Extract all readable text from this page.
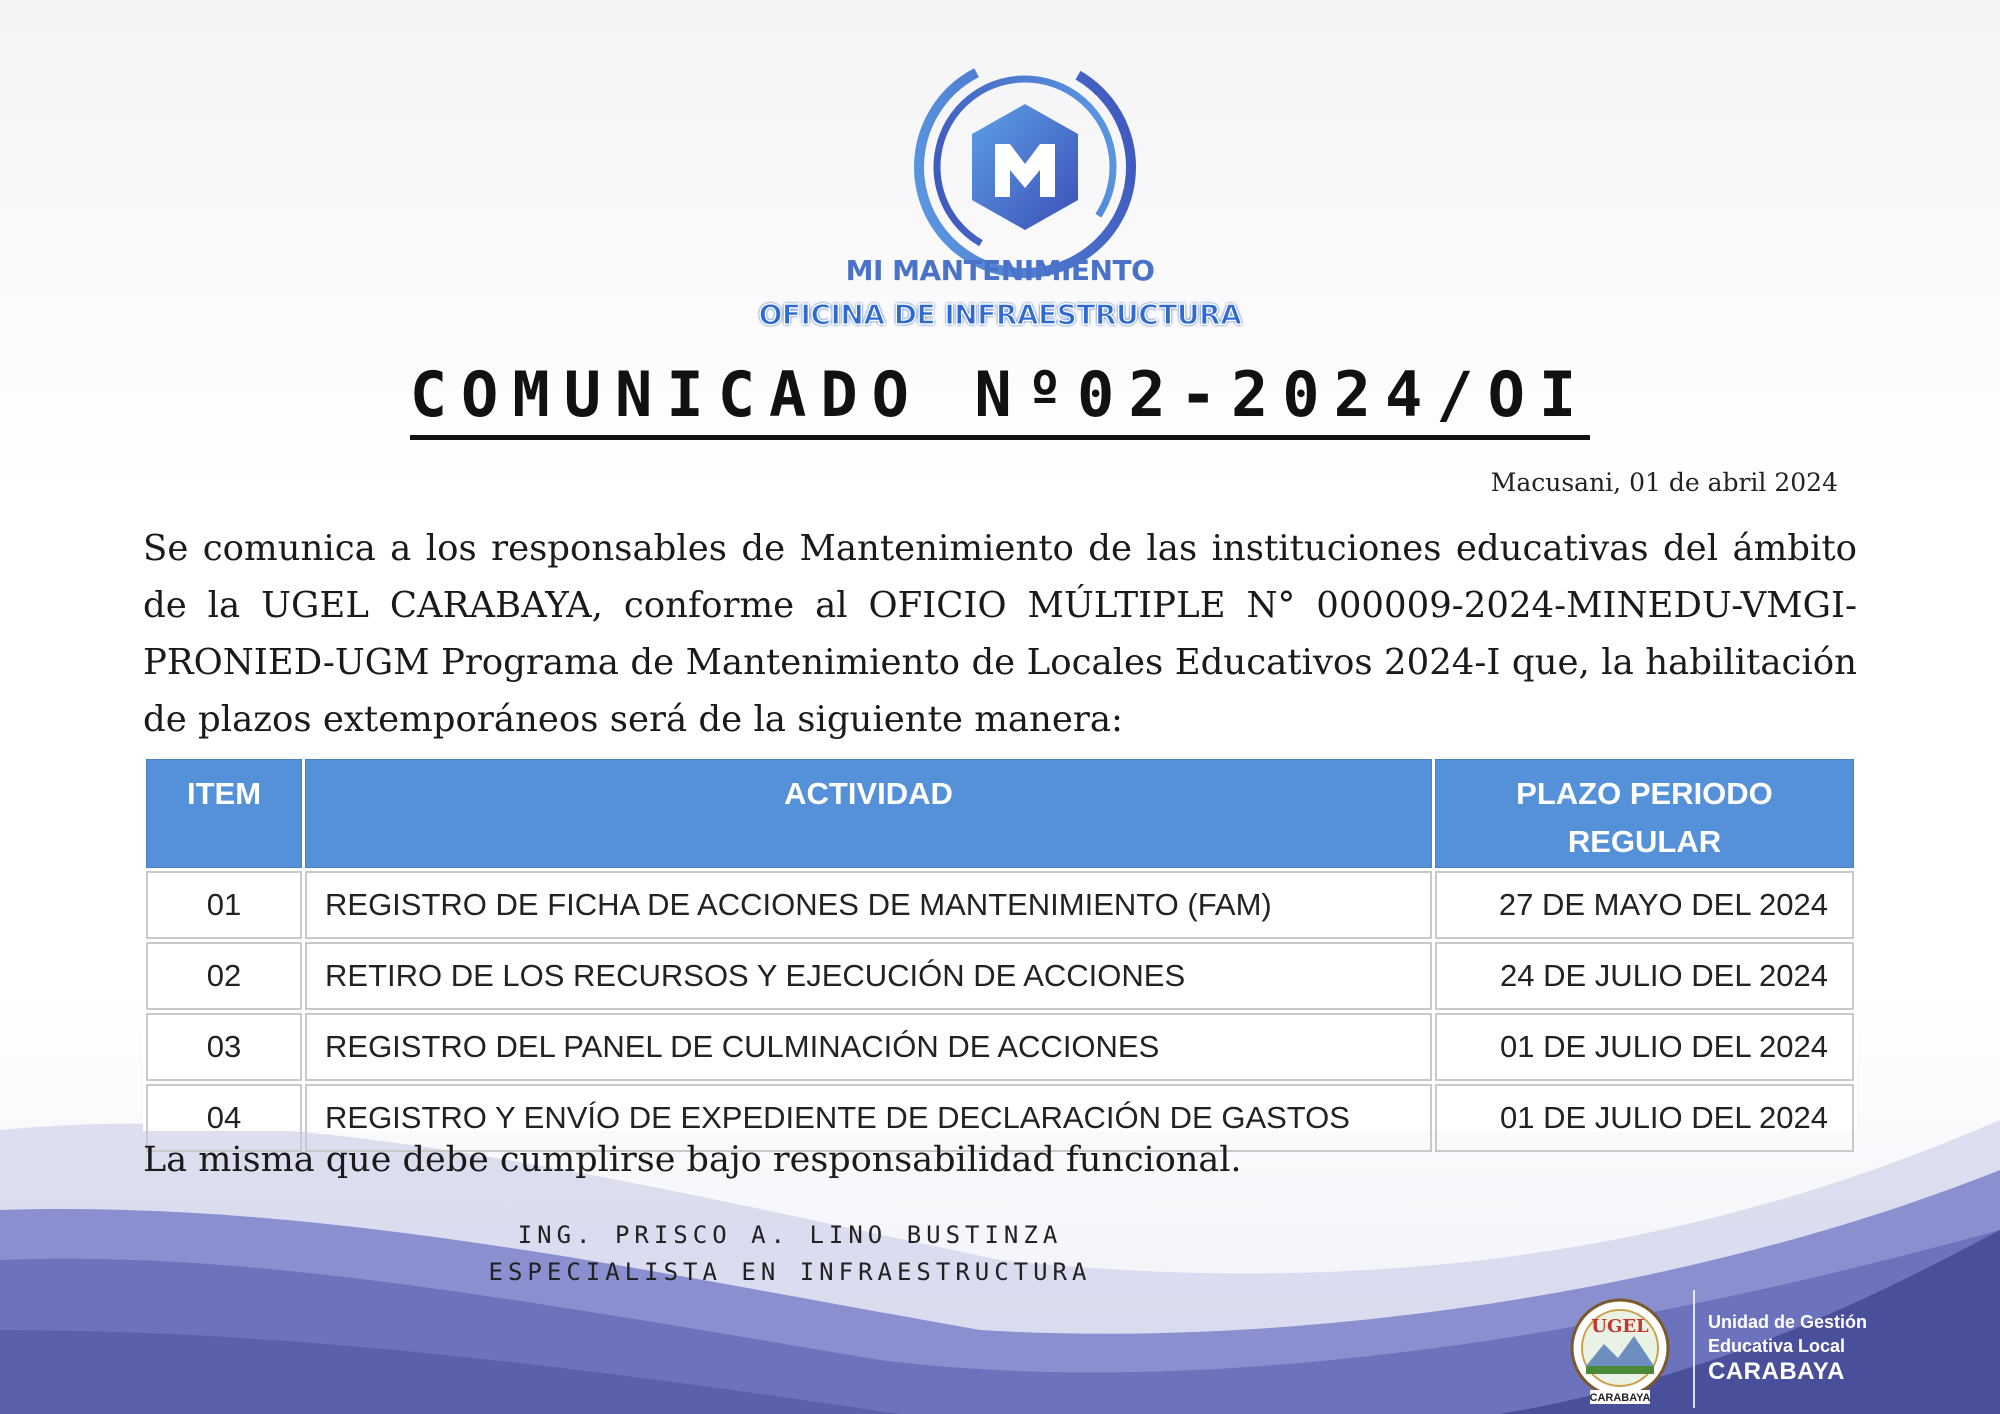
MI MANTENIMIENTO
OFICINA DE INFRAESTRUCTURA
COMUNICADO Nº02-2024/OI
Macusani, 01 de abril 2024
Se comunica a los responsables de Mantenimiento de las instituciones educativas del ámbito de la UGEL CARABAYA, conforme al OFICIO MÚLTIPLE N° 000009-2024-MINEDU-VMGI-PRONIED-UGM Programa de Mantenimiento de Locales Educativos 2024-I que, la habilitación de plazos extemporáneos será de la siguiente manera:
ITEM	ACTIVIDAD	PLAZO PERIODO REGULAR
01	REGISTRO DE FICHA DE ACCIONES DE MANTENIMIENTO (FAM)	27 DE MAYO DEL 2024
02	RETIRO DE LOS RECURSOS Y EJECUCIÓN DE ACCIONES	24 DE JULIO DEL 2024
03	REGISTRO DEL PANEL DE CULMINACIÓN DE ACCIONES	01 DE JULIO DEL 2024
04	REGISTRO Y ENVÍO DE EXPEDIENTE DE DECLARACIÓN DE GASTOS	01 DE JULIO DEL 2024
La misma que debe cumplirse bajo responsabilidad funcional.
ING. PRISCO A. LINO BUSTINZA
ESPECIALISTA EN INFRAESTRUCTURA
UGEL
CARABAYA
Unidad de Gestión
Educativa Local
CARABAYA
